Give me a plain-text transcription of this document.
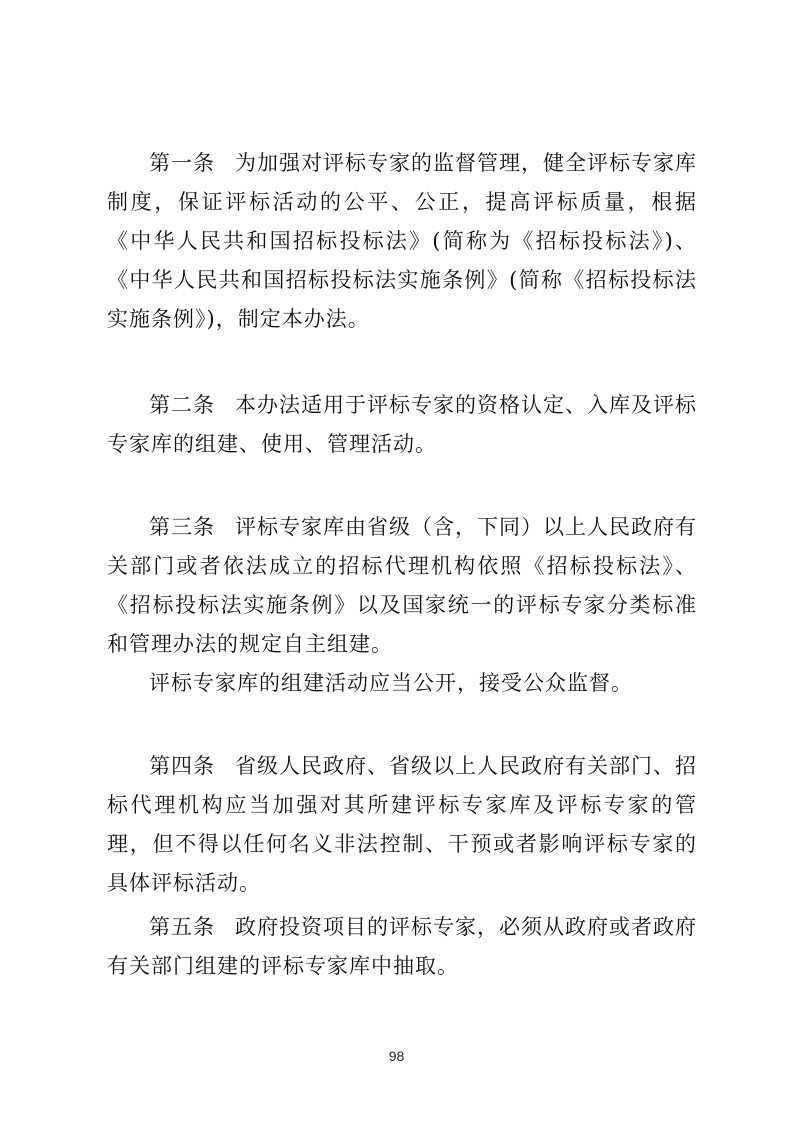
第一条 为加强对评标专家的监督管理，健全评标专家库制度，保证评标活动的公平、公正，提高评标质量，根据《中华人民共和国招标投标法》(简称为《招标投标法》)、《中华人民共和国招标投标法实施条例》(简称《招标投标法实施条例》)，制定本办法。

第二条 本办法适用于评标专家的资格认定、入库及评标专家库的组建、使用、管理活动。

第三条 评标专家库由省级（含，下同）以上人民政府有关部门或者依法成立的招标代理机构依照《招标投标法》、《招标投标法实施条例》以及国家统一的评标专家分类标准和管理办法的规定自主组建。

评标专家库的组建活动应当公开，接受公众监督。

第四条 省级人民政府、省级以上人民政府有关部门、招标代理机构应当加强对其所建评标专家库及评标专家的管理，但不得以任何名义非法控制、干预或者影响评标专家的具体评标活动。

第五条 政府投资项目的评标专家，必须从政府或者政府有关部门组建的评标专家库中抽取。

98
